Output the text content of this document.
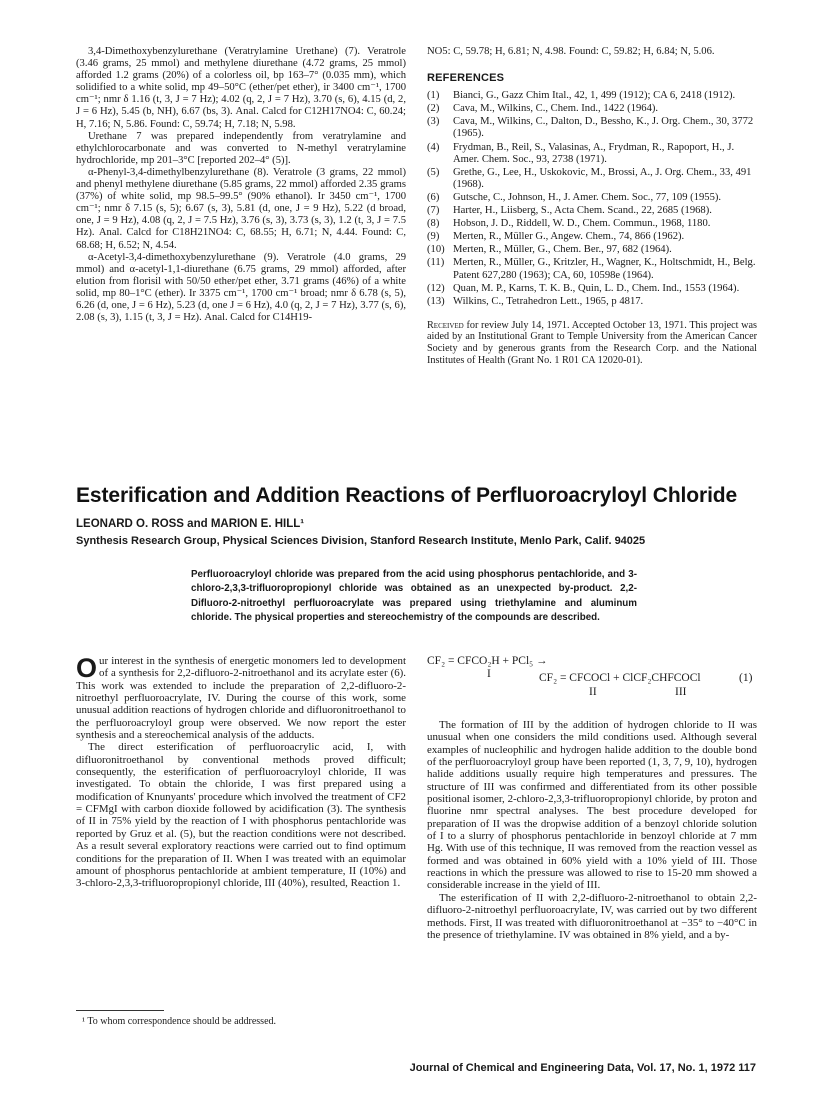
3,4-Dimethoxybenzylurethane (Veratrylamine Urethane) (7). Veratrole (3.46 grams, 25 mmol) and methylene diurethane (4.72 grams, 25 mmol) afforded 1.2 grams (20%) of a colorless oil, bp 163–7° (0.035 mm), which solidified to a white solid, mp 49–50°C (ether/pet ether), ir 3400 cm⁻¹, 1700 cm⁻¹; nmr δ 1.16 (t, 3, J = 7 Hz); 4.02 (q, 2, J = 7 Hz), 3.70 (s, 6), 4.15 (d, 2, J = 6 Hz), 5.45 (b, NH), 6.67 (bs, 3). Anal. Calcd for C12H17NO4: C, 60.24; H, 7.16; N, 5.86. Found: C, 59.74; H, 7.18; N, 5.98.

Urethane 7 was prepared independently from veratrylamine and ethylchlorocarbonate and was converted to N-methyl veratrylamine hydrochloride, mp 201–3°C [reported 202–4° (5)].

α-Phenyl-3,4-dimethylbenzylurethane (8). Veratrole (3 grams, 22 mmol) and phenyl methylene diurethane (5.85 grams, 22 mmol) afforded 2.35 grams (37%) of white solid, mp 98.5–99.5° (90% ethanol). Ir 3450 cm⁻¹, 1700 cm⁻¹; nmr δ 7.15 (s, 5); 6.67 (s, 3), 5.81 (d, one, J = 9 Hz), 5.22 (d broad, one, J = 9 Hz), 4.08 (q, 2, J = 7.5 Hz), 3.76 (s, 3), 3.73 (s, 3), 1.2 (t, 3, J = 7.5 Hz). Anal. Calcd for C18H21NO4: C, 68.55; H, 6.71; N, 4.44. Found: C, 68.68; H, 6.52; N, 4.54.

α-Acetyl-3,4-dimethoxybenzylurethane (9). Veratrole (4.0 grams, 29 mmol) and α-acetyl-1,1-diurethane (6.75 grams, 29 mmol) afforded, after elution from florisil with 50/50 ether/pet ether, 3.71 grams (46%) of a white solid, mp 80–1°C (ether). Ir 3375 cm⁻¹, 1700 cm⁻¹ broad; nmr δ 6.78 (s, 5), 6.26 (d, one, J = 6 Hz), 5.23 (d, one J = 6 Hz), 4.0 (q, 2, J = 7 Hz), 3.77 (s, 6), 2.08 (s, 3), 1.15 (t, 3, J = Hz). Anal. Calcd for C14H19-

NO5: C, 59.78; H, 6.81; N, 4.98. Found: C, 59.82; H, 6.84; N, 5.06.

REFERENCES
(1)	Bianci, G., Gazz Chim Ital., 42, 1, 499 (1912); CA 6, 2418 (1912).
(2)	Cava, M., Wilkins, C., Chem. Ind., 1422 (1964).
(3)	Cava, M., Wilkins, C., Dalton, D., Bessho, K., J. Org. Chem., 30, 3772 (1965).
(4)	Frydman, B., Reil, S., Valasinas, A., Frydman, R., Rapoport, H., J. Amer. Chem. Soc., 93, 2738 (1971).
(5)	Grethe, G., Lee, H., Uskokovic, M., Brossi, A., J. Org. Chem., 33, 491 (1968).
(6)	Gutsche, C., Johnson, H., J. Amer. Chem. Soc., 77, 109 (1955).
(7)	Harter, H., Liisberg, S., Acta Chem. Scand., 22, 2685 (1968).
(8)	Hobson, J. D., Riddell, W. D., Chem. Commun., 1968, 1180.
(9)	Merten, R., Müller G., Angew. Chem., 74, 866 (1962).
(10) Merten, R., Müller, G., Chem. Ber., 97, 682 (1964).
(11) Merten, R., Müller, G., Kritzler, H., Wagner, K., Holtschmidt, H., Belg. Patent 627,280 (1963); CA, 60, 10598e (1964).
(12) Quan, M. P., Karns, T. K. B., Quin, L. D., Chem. Ind., 1553 (1964).
(13) Wilkins, C., Tetrahedron Lett., 1965, p 4817.
Received for review July 14, 1971. Accepted October 13, 1971. This project was aided by an Institutional Grant to Temple University from the American Cancer Society and by generous grants from the Research Corp. and the National Institutes of Health (Grant No. 1 R01 CA 12020-01).
Esterification and Addition Reactions of Perfluoroacryloyl Chloride
LEONARD O. ROSS and MARION E. HILL¹
Synthesis Research Group, Physical Sciences Division, Stanford Research Institute, Menlo Park, Calif. 94025
Perfluoroacryloyl chloride was prepared from the acid using phosphorus pentachloride, and 3-chloro-2,3,3-trifluoropropionyl chloride was obtained as an unexpected by-product. 2,2-Difluoro-2-nitroethyl perfluoroacrylate was prepared using triethylamine and aluminum chloride. The physical properties and stereochemistry of the compounds are described.

Our interest in the synthesis of energetic monomers led to development of a synthesis for 2,2-difluoro-2-nitroethanol and its acrylate ester (6). This work was extended to include the preparation of 2,2-difluoro-2-nitroethyl perfluoroacrylate, IV. During the course of this work, some unusual addition reactions of hydrogen chloride and difluoronitroethanol to the perfluoroacryloyl group were observed. We now report the ester synthesis and a stereochemical analysis of the adducts.

The direct esterification of perfluoroacrylic acid, I, with difluoronitroethanol by conventional methods proved difficult; consequently, the esterification of perfluoroacryloyl chloride, II was investigated. To obtain the chloride, I was first prepared using a modification of Knunyants' procedure which involved the treatment of CF2 = CFMgI with carbon dioxide followed by acidification (3). The synthesis of II in 75% yield by the reaction of I with phosphorus pentachloride was reported by Gruz et al. (5), but the reaction conditions were not described. As a result several exploratory reactions were carried out to find optimum conditions for the preparation of II. When I was treated with an equimolar amount of phosphorus pentachloride at ambient temperature, II (10%) and 3-chloro-2,3,3-trifluoropropionyl chloride, III (40%), resulted, Reaction 1.

CF₂ = CFCO₂H + PCl₅ →
I	CF₂ = CFCOCl + ClCF₂CHFCOCl	(1)
II	III

The formation of III by the addition of hydrogen chloride to II was unusual when one considers the mild conditions used. Although several examples of nucleophilic and hydrogen halide addition to the double bond of the perfluoroacryloyl group have been reported (1, 3, 7, 9, 10), hydrogen halide additions usually require high temperatures and pressures. The structure of III was confirmed and differentiated from its other possible positional isomer, 2-chloro-2,3,3-trifluoropropionyl chloride, by proton and fluorine nmr spectral analyses. The best procedure developed for preparation of II was the dropwise addition of a benzoyl chloride solution of I to a slurry of phosphorus pentachloride in benzoyl chloride at 7 mm Hg. With use of this technique, II was removed from the reaction vessel as formed and was obtained in 60% yield with a 10% yield of III. Those reactions in which the pressure was allowed to rise to 15-20 mm showed a considerable increase in the yield of III.

The esterification of II with 2,2-difluoro-2-nitroethanol to obtain 2,2-difluoro-2-nitroethyl perfluoroacrylate, IV, was carried out by two different methods. First, II was treated with difluoronitroethanol at −35° to −40°C in the presence of triethylamine. IV was obtained in 8% yield, and a by-

¹ To whom correspondence should be addressed.
Journal of Chemical and Engineering Data, Vol. 17, No. 1, 1972 117
